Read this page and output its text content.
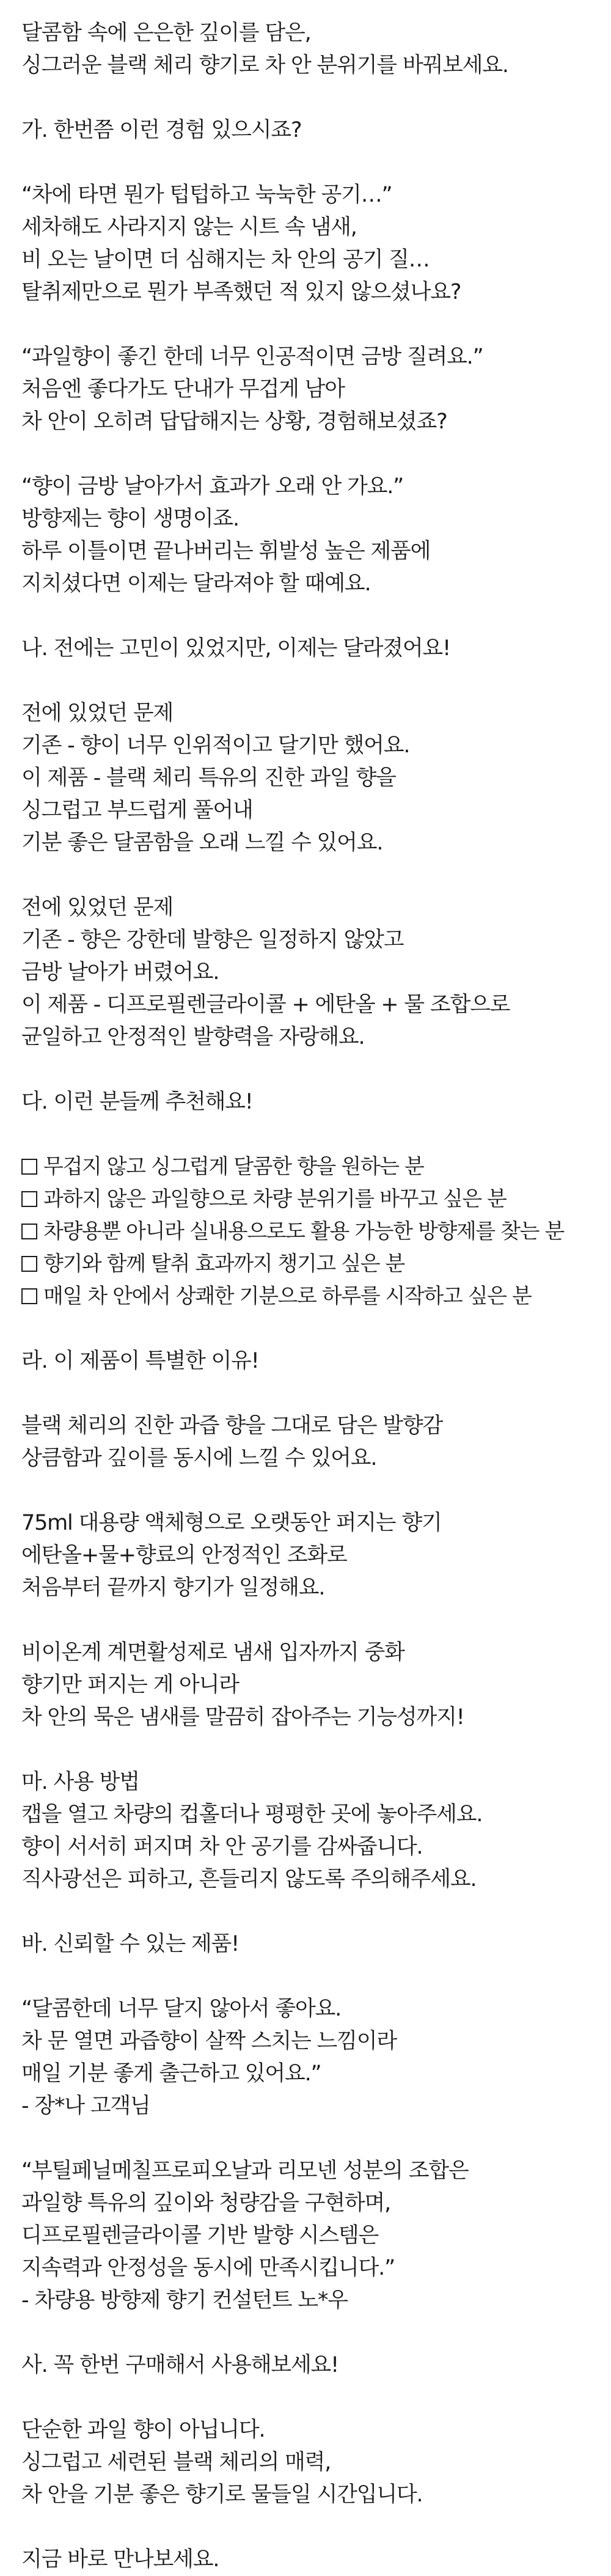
달콤함 속에 은은한 깊이를 담은,
싱그러운 블랙 체리 향기로 차 안 분위기를 바꿔보세요.
가. 한번쯤 이런 경험 있으시죠?
“차에 타면 뭔가 텁텁하고 눅눅한 공기…”
세차해도 사라지지 않는 시트 속 냄새,
비 오는 날이면 더 심해지는 차 안의 공기 질…
탈취제만으로 뭔가 부족했던 적 있지 않으셨나요?
“과일향이 좋긴 한데 너무 인공적이면 금방 질려요.”
처음엔 좋다가도 단내가 무겁게 남아
차 안이 오히려 답답해지는 상황, 경험해보셨죠?
“향이 금방 날아가서 효과가 오래 안 가요.”
방향제는 향이 생명이죠.
하루 이틀이면 끝나버리는 휘발성 높은 제품에
지치셨다면 이제는 달라져야 할 때예요.
나. 전에는 고민이 있었지만, 이제는 달라졌어요!
전에 있었던 문제
기존 - 향이 너무 인위적이고 달기만 했어요.
이 제품 - 블랙 체리 특유의 진한 과일 향을
싱그럽고 부드럽게 풀어내
기분 좋은 달콤함을 오래 느낄 수 있어요.
전에 있었던 문제
기존 - 향은 강한데 발향은 일정하지 않았고
금방 날아가 버렸어요.
이 제품 - 디프로필렌글라이콜 + 에탄올 + 물 조합으로
균일하고 안정적인 발향력을 자랑해요.
다. 이런 분들께 추천해요!
무겁지 않고 싱그럽게 달콤한 향을 원하는 분
과하지 않은 과일향으로 차량 분위기를 바꾸고 싶은 분
차량용뿐 아니라 실내용으로도 활용 가능한 방향제를 찾는 분
향기와 함께 탈취 효과까지 챙기고 싶은 분
매일 차 안에서 상쾌한 기분으로 하루를 시작하고 싶은 분
라. 이 제품이 특별한 이유!
블랙 체리의 진한 과즙 향을 그대로 담은 발향감
상큼함과 깊이를 동시에 느낄 수 있어요.
75ml 대용량 액체형으로 오랫동안 퍼지는 향기
에탄올+물+향료의 안정적인 조화로
처음부터 끝까지 향기가 일정해요.
비이온계 계면활성제로 냄새 입자까지 중화
향기만 퍼지는 게 아니라
차 안의 묵은 냄새를 말끔히 잡아주는 기능성까지!
마. 사용 방법
캡을 열고 차량의 컵홀더나 평평한 곳에 놓아주세요.
향이 서서히 퍼지며 차 안 공기를 감싸줍니다.
직사광선은 피하고, 흔들리지 않도록 주의해주세요.
바. 신뢰할 수 있는 제품!
“달콤한데 너무 달지 않아서 좋아요.
차 문 열면 과즙향이 살짝 스치는 느낌이라
매일 기분 좋게 출근하고 있어요.”
- 장*나 고객님
“부틸페닐메칠프로피오날과 리모넨 성분의 조합은
과일향 특유의 깊이와 청량감을 구현하며,
디프로필렌글라이콜 기반 발향 시스템은
지속력과 안정성을 동시에 만족시킵니다.”
- 차량용 방향제 향기 컨설턴트 노*우
사. 꼭 한번 구매해서 사용해보세요!
단순한 과일 향이 아닙니다.
싱그럽고 세련된 블랙 체리의 매력,
차 안을 기분 좋은 향기로 물들일 시간입니다.
지금 바로 만나보세요.
